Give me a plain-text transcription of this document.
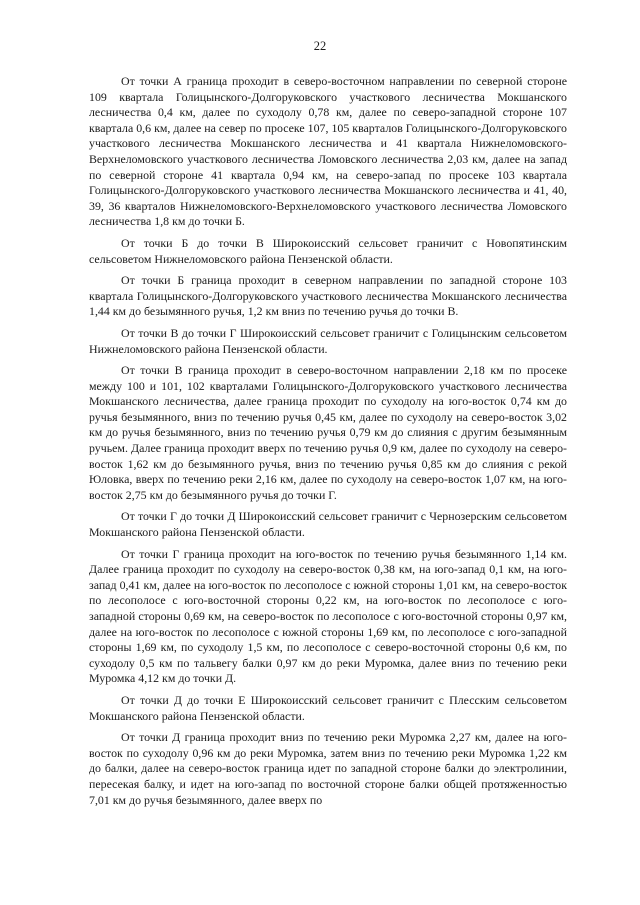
22

От точки А граница проходит в северо-восточном направлении по северной стороне 109 квартала Голицынского-Долгоруковского участкового лесничества Мокшанского лесничества 0,4 км, далее по суходолу 0,78 км, далее по северо-западной стороне 107 квартала 0,6 км, далее на север по просеке 107, 105 кварталов Голицынского-Долгоруковского участкового лесничества Мокшанского лесничества и 41 квартала Нижнеломовского-Верхнеломовского участкового лесничества Ломовского лесничества 2,03 км, далее на запад по северной стороне 41 квартала 0,94 км, на северо-запад по просеке 103 квартала Голицынского-Долгоруковского участкового лесничества Мокшанского лесничества и 41, 40, 39, 36 кварталов Нижнеломовского-Верхнеломовского участкового лесничества Ломовского лесничества 1,8 км до точки Б.

От точки Б до точки В Широкоисский сельсовет граничит с Новопятинским сельсоветом Нижнеломовского района Пензенской области.

От точки Б граница проходит в северном направлении по западной стороне 103 квартала Голицынского-Долгоруковского участкового лесничества Мокшанского лесничества 1,44 км до безымянного ручья, 1,2 км вниз по течению ручья до точки В.

От точки В до точки Г Широкоисский сельсовет граничит с Голицынским сельсоветом Нижнеломовского района Пензенской области.

От точки В граница проходит в северо-восточном направлении 2,18 км по просеке между 100 и 101, 102 кварталами Голицынского-Долгоруковского участкового лесничества Мокшанского лесничества, далее граница проходит по суходолу на юго-восток 0,74 км до ручья безымянного, вниз по течению ручья 0,45 км, далее по суходолу на северо-восток 3,02 км до ручья безымянного, вниз по течению ручья 0,79 км до слияния с другим безымянным ручьем. Далее граница проходит вверх по течению ручья 0,9 км, далее по суходолу на северо-восток 1,62 км до безымянного ручья, вниз по течению ручья 0,85 км до слияния с рекой Юловка, вверх по течению реки 2,16 км, далее по суходолу на северо-восток 1,07 км, на юго-восток 2,75 км до безымянного ручья до точки Г.

От точки Г до точки Д Широкоисский сельсовет граничит с Чернозерским сельсоветом Мокшанского района Пензенской области.

От точки Г граница проходит на юго-восток по течению ручья безымянного 1,14 км. Далее граница проходит по суходолу на северо-восток 0,38 км, на юго-запад 0,1 км, на юго-запад 0,41 км, далее на юго-восток по лесополосе с южной стороны 1,01 км, на северо-восток по лесополосе с юго-восточной стороны 0,22 км, на юго-восток по лесополосе с юго-западной стороны 0,69 км, на северо-восток по лесополосе с юго-восточной стороны 0,97 км, далее на юго-восток по лесополосе с южной стороны 1,69 км, по лесополосе с юго-западной стороны 1,69 км, по суходолу 1,5 км, по лесополосе с северо-восточной стороны 0,6 км, по суходолу 0,5 км по тальвегу балки 0,97 км до реки Муромка, далее вниз по течению реки Муромка 4,12 км до точки Д.

От точки Д до точки Е Широкоисский сельсовет граничит с Плесским сельсоветом Мокшанского района Пензенской области.

От точки Д граница проходит вниз по течению реки Муромка 2,27 км, далее на юго-восток по суходолу 0,96 км до реки Муромка, затем вниз по течению реки Муромка 1,22 км до балки, далее на северо-восток граница идет по западной стороне балки до электролинии, пересекая балку, и идет на юго-запад по восточной стороне балки общей протяженностью 7,01 км до ручья безымянного, далее вверх по
